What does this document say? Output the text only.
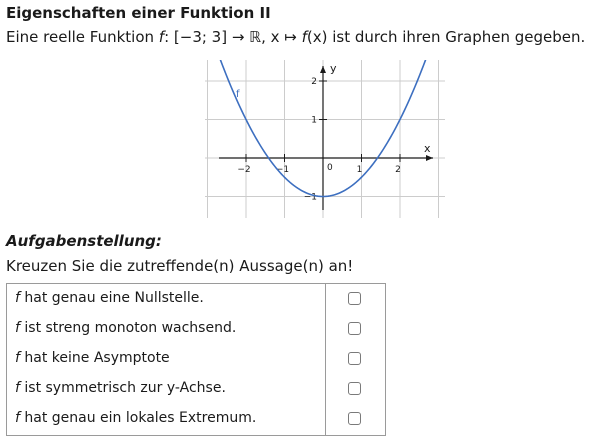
Eigenschaften einer Funktion II
Eine reelle Funktion f: [−3; 3] → ℝ, x ↦ f(x) ist durch ihren Graphen gegeben.
−2	−1	1	2
−1
1
2
f
x
y
0
Aufgabenstellung:
Kreuzen Sie die zutreffende(n) Aussage(n) an!
f hat genau eine Nullstelle.
f ist streng monoton wachsend.
f hat keine Asymptote
f ist symmetrisch zur y-Achse.
f hat genau ein lokales Extremum.
